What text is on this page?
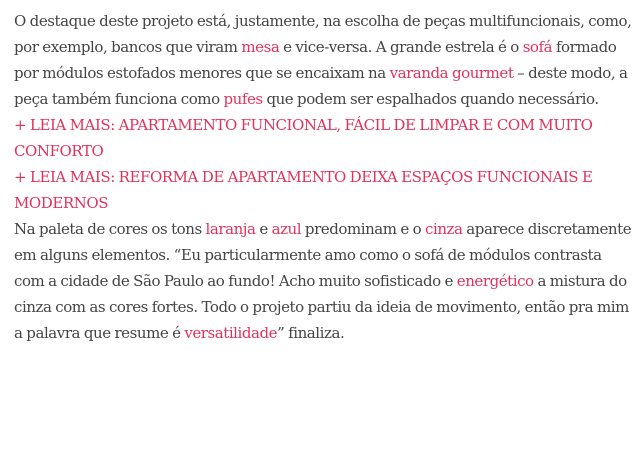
O destaque deste projeto está, justamente, na escolha de peças multifuncionais, como, por exemplo, bancos que viram mesa e vice-versa. A grande estrela é o sofá formado por módulos estofados menores que se encaixam na varanda gourmet – deste modo, a peça também funciona como pufes que podem ser espalhados quando necessário.

+ LEIA MAIS: APARTAMENTO FUNCIONAL, FÁCIL DE LIMPAR E COM MUITO CONFORTO

+ LEIA MAIS: REFORMA DE APARTAMENTO DEIXA ESPAÇOS FUNCIONAIS E MODERNOS

Na paleta de cores os tons laranja e azul predominam e o cinza aparece discretamente em alguns elementos. “Eu particularmente amo como o sofá de módulos contrasta com a cidade de São Paulo ao fundo! Acho muito sofisticado e energético a mistura do cinza com as cores fortes. Todo o projeto partiu da ideia de movimento, então pra mim a palavra que resume é versatilidade” finaliza.
